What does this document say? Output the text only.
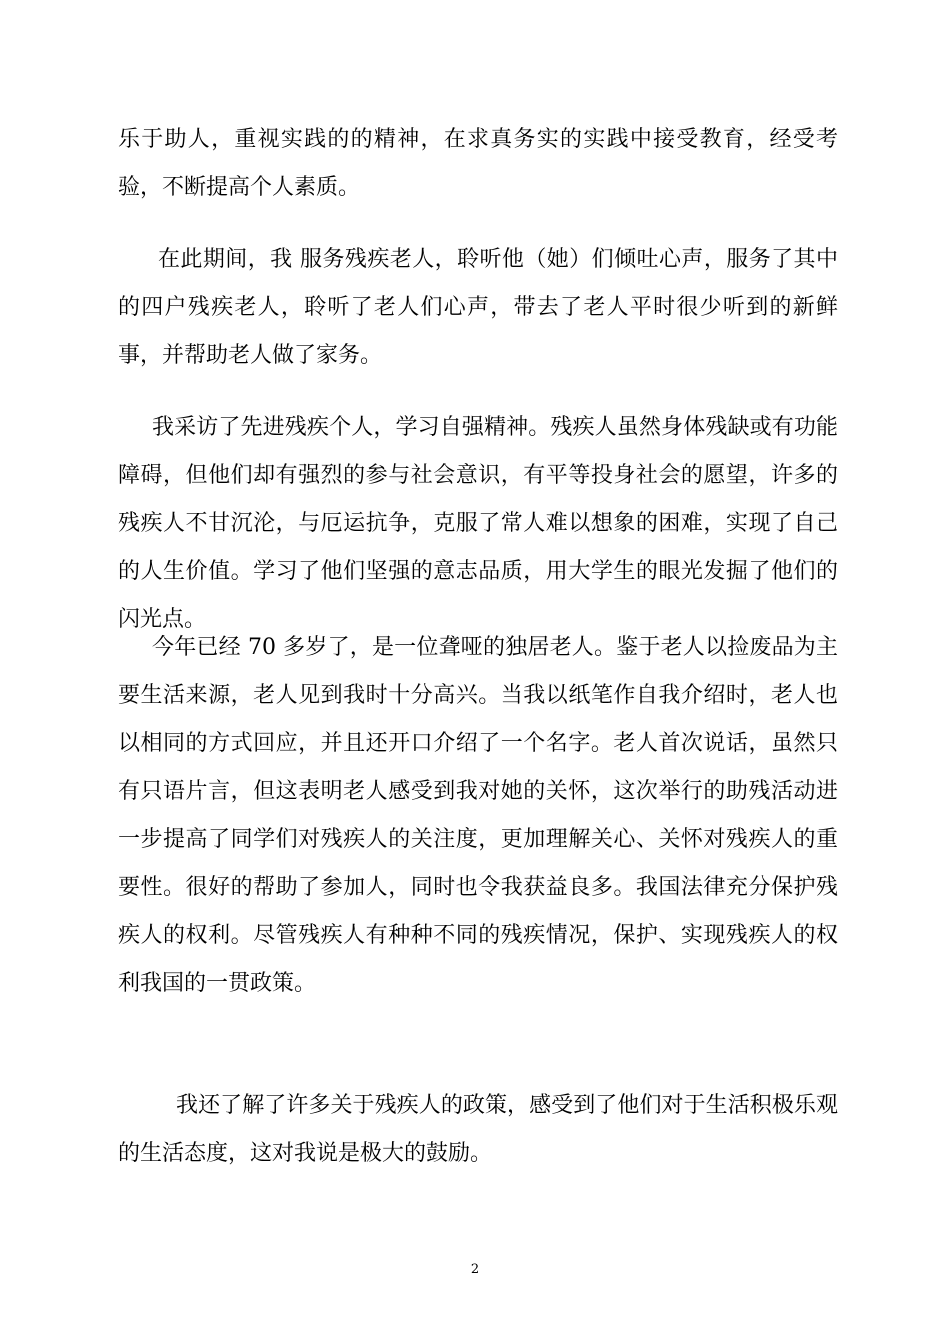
乐于助人，重视实践的的精神，在求真务实的实践中接受教育，经受考验，不断提高个人素质。

在此期间，我 服务残疾老人，聆听他（她）们倾吐心声，服务了其中的四户残疾老人，聆听了老人们心声，带去了老人平时很少听到的新鲜事，并帮助老人做了家务。

我采访了先进残疾个人，学习自强精神。残疾人虽然身体残缺或有功能障碍，但他们却有强烈的参与社会意识，有平等投身社会的愿望，许多的残疾人不甘沉沦，与厄运抗争，克服了常人难以想象的困难，实现了自己的人生价值。学习了他们坚强的意志品质，用大学生的眼光发掘了他们的闪光点。

今年已经 70 多岁了，是一位聋哑的独居老人。鉴于老人以捡废品为主要生活来源，老人见到我时十分高兴。当我以纸笔作自我介绍时，老人也以相同的方式回应，并且还开口介绍了一个名字。老人首次说话，虽然只有只语片言，但这表明老人感受到我对她的关怀，这次举行的助残活动进一步提高了同学们对残疾人的关注度，更加理解关心、关怀对残疾人的重要性。很好的帮助了参加人，同时也令我获益良多。我国法律充分保护残疾人的权利。尽管残疾人有种种不同的残疾情况，保护、实现残疾人的权利我国的一贯政策。

我还了解了许多关于残疾人的政策，感受到了他们对于生活积极乐观的生活态度，这对我说是极大的鼓励。

2
